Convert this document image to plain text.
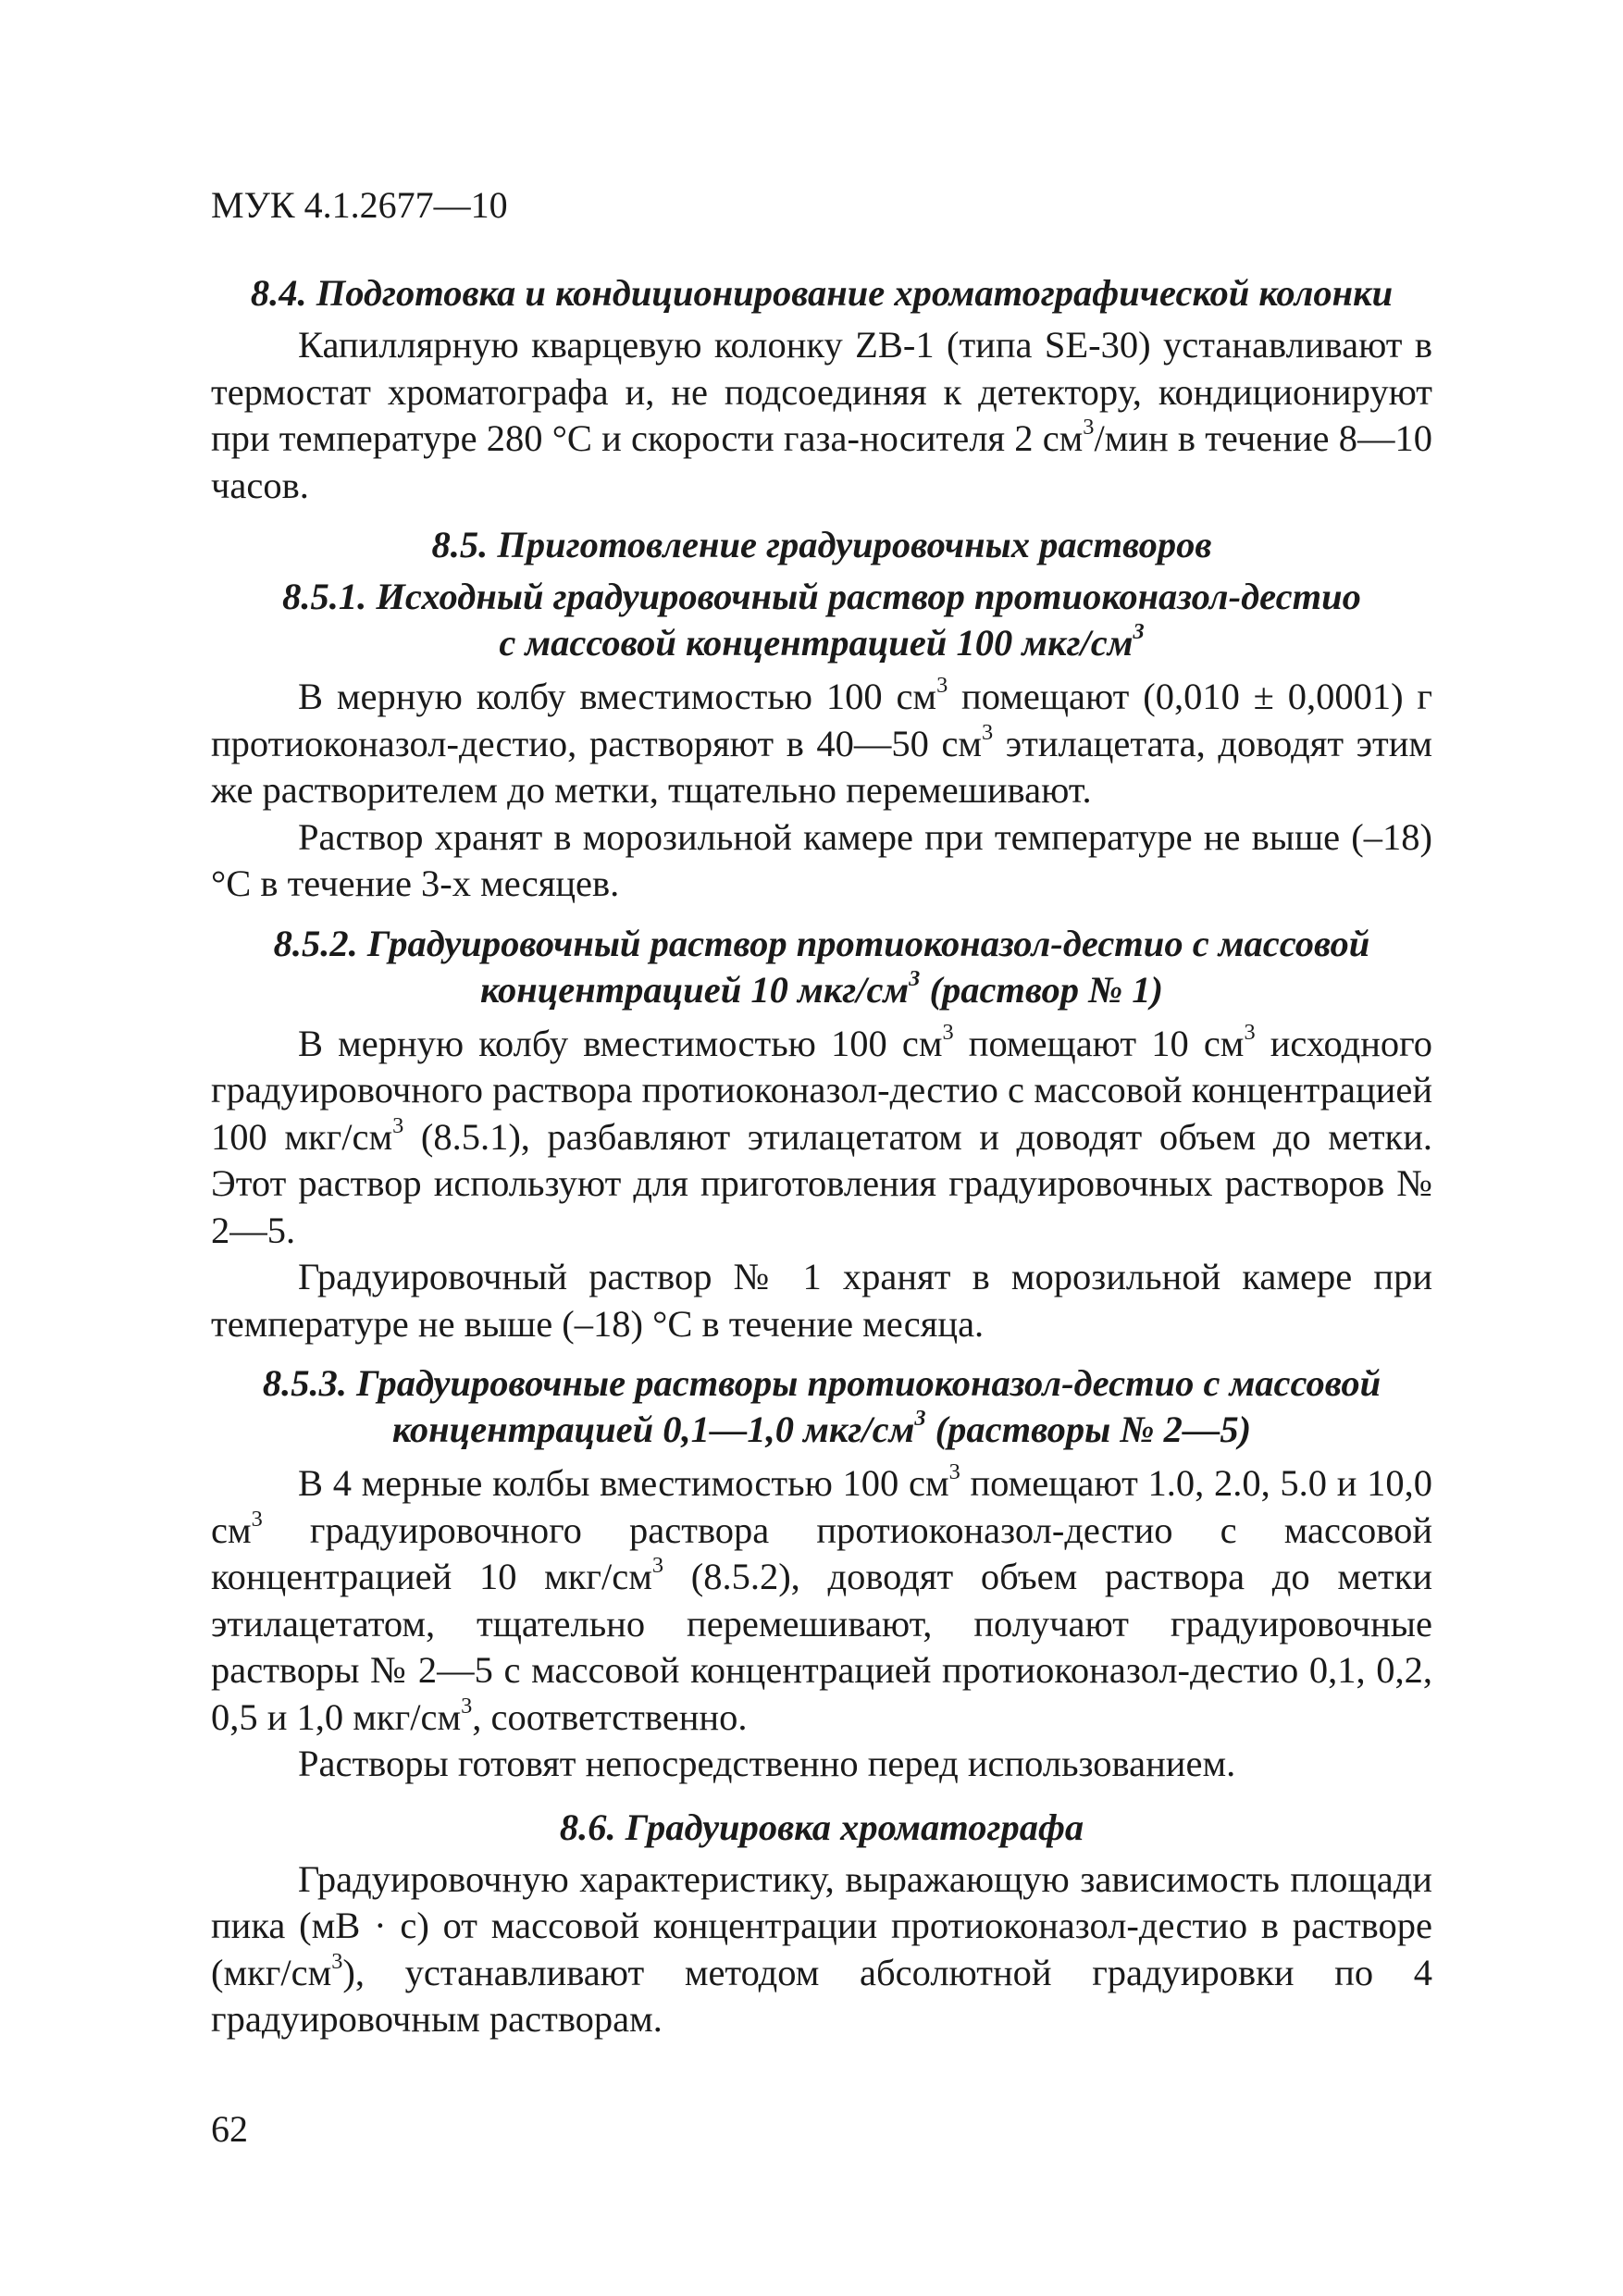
МУК 4.1.2677—10

8.4. Подготовка и кондиционирование хроматографической колонки

Капиллярную кварцевую колонку ZB-1 (типа SE-30) устанавливают в термостат хроматографа и, не подсоединяя к детектору, кондиционируют при температуре 280 °С и скорости газа-носителя 2 $см^3$/мин в течение 8—10 часов.

8.5. Приготовление градуировочных растворов
8.5.1. Исходный градуировочный раствор протиоконазол-дестио
с массовой концентрацией 100 мкг/$см^3$

В мерную колбу вместимостью 100 $см^3$ помещают (0,010 ± 0,0001) г протиоконазол-дестио, растворяют в 40—50 $см^3$ этилацетата, доводят этим же растворителем до метки, тщательно перемешивают.

Раствор хранят в морозильной камере при температуре не выше (–18) °С в течение 3-х месяцев.

8.5.2. Градуировочный раствор протиоконазол-дестио с массовой
концентрацией 10 мкг/$см^3$ (раствор № 1)

В мерную колбу вместимостью 100 $см^3$ помещают 10 $см^3$ исходного градуировочного раствора протиоконазол-дестио с массовой концентрацией 100 мкг/$см^3$ (8.5.1), разбавляют этилацетатом и доводят объем до метки. Этот раствор используют для приготовления градуировочных растворов № 2—5.

Градуировочный раствор № 1 хранят в морозильной камере при температуре не выше (–18) °С в течение месяца.

8.5.3. Градуировочные растворы протиоконазол-дестио с массовой
концентрацией 0,1—1,0 мкг/$см^3$ (растворы № 2—5)

В 4 мерные колбы вместимостью 100 $см^3$ помещают 1.0, 2.0, 5.0 и 10,0 $см^3$ градуировочного раствора протиоконазол-дестио с массовой концентрацией 10 мкг/$см^3$ (8.5.2), доводят объем раствора до метки этилацетатом, тщательно перемешивают, получают градуировочные растворы № 2—5 с массовой концентрацией протиоконазол-дестио 0,1, 0,2, 0,5 и 1,0 мкг/$см^3$, соответственно.

Растворы готовят непосредственно перед использованием.

8.6. Градуировка хроматографа

Градуировочную характеристику, выражающую зависимость площади пика (мВ · с) от массовой концентрации протиоконазол-дестио в растворе $(мкг/см^3)$, устанавливают методом абсолютной градуировки по 4 градуировочным растворам.

62
